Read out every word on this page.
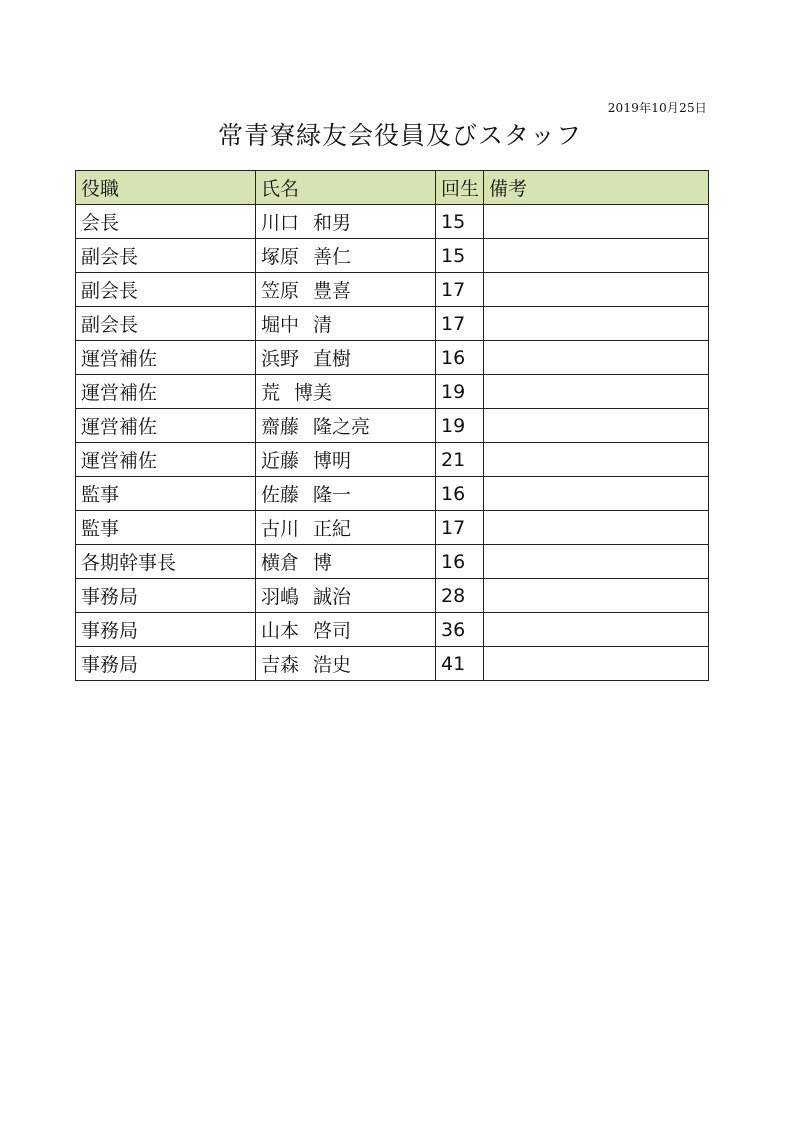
2019年10月25日
常青寮緑友会役員及びスタッフ
役職	氏名	回生	備考
会長	川口 和男	15	
副会長	塚原 善仁	15	
副会長	笠原 豊喜	17	
副会長	堀中 清	17	
運営補佐	浜野 直樹	16	
運営補佐	荒 博美	19	
運営補佐	齋藤 隆之亮	19	
運営補佐	近藤 博明	21	
監事	佐藤 隆一	16	
監事	古川 正紀	17	
各期幹事長	横倉 博	16	
事務局	羽嶋 誠治	28	
事務局	山本 啓司	36	
事務局	吉森 浩史	41	
